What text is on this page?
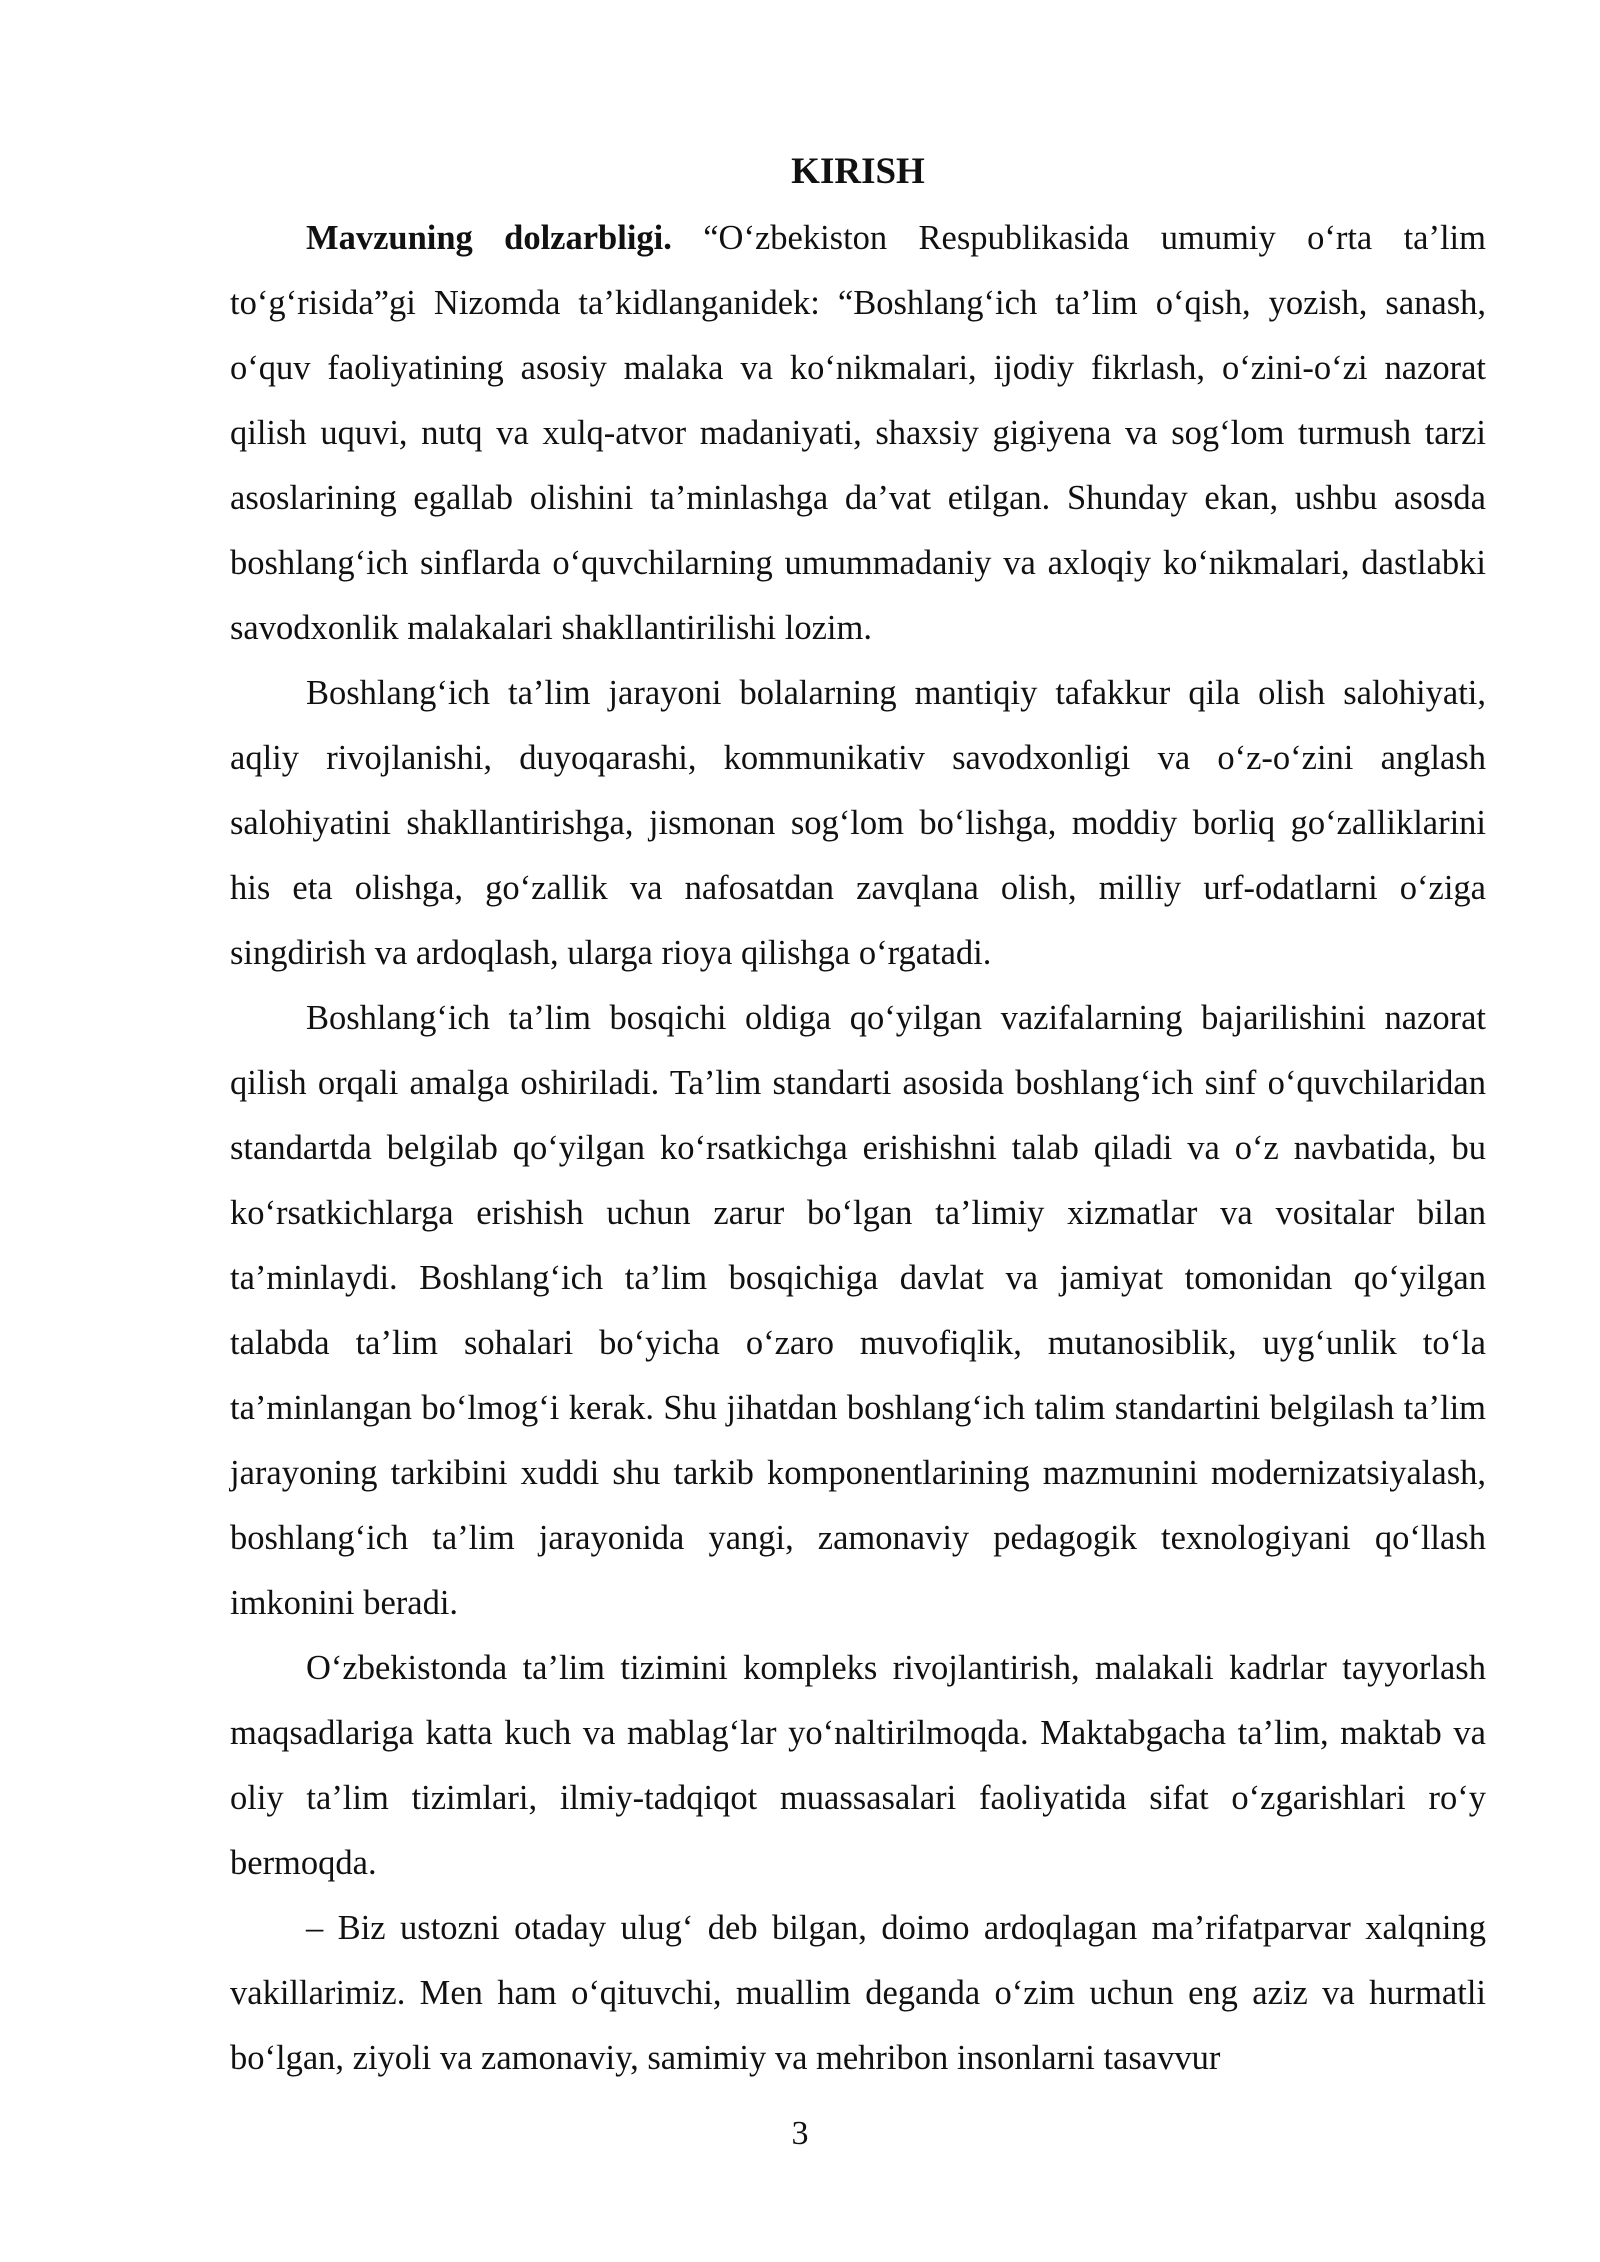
KIRISH

Mavzuning dolzarbligi. “O‘zbekiston Respublikasida umumiy o‘rta ta’lim to‘g‘risida”gi Nizomda ta’kidlanganidek: “Boshlang‘ich ta’lim o‘qish, yozish, sanash, o‘quv faoliyatining asosiy malaka va ko‘nikmalari, ijodiy fikrlash, o‘zini-o‘zi nazorat qilish uquvi, nutq va xulq-atvor madaniyati, shaxsiy gigiyena va sog‘lom turmush tarzi asoslarining egallab olishini ta’minlashga da’vat etilgan. Shunday ekan, ushbu asosda boshlang‘ich sinflarda o‘quvchilarning umummadaniy va axloqiy ko‘nikmalari, dastlabki savodxonlik malakalari shakllantirilishi lozim.

Boshlang‘ich ta’lim jarayoni bolalarning mantiqiy tafakkur qila olish salohiyati, aqliy rivojlanishi, duyoqarashi, kommunikativ savodxonligi va o‘z-o‘zini anglash salohiyatini shakllantirishga, jismonan sog‘lom bo‘lishga, moddiy borliq go‘zalliklarini his eta olishga, go‘zallik va nafosatdan zavqlana olish, milliy urf-odatlarni o‘ziga singdirish va ardoqlash, ularga rioya qilishga o‘rgatadi.

Boshlang‘ich ta’lim bosqichi oldiga qo‘yilgan vazifalarning bajarilishini nazorat qilish orqali amalga oshiriladi. Ta’lim standarti asosida boshlang‘ich sinf o‘quvchilaridan standartda belgilab qo‘yilgan ko‘rsatkichga erishishni talab qiladi va o‘z navbatida, bu ko‘rsatkichlarga erishish uchun zarur bo‘lgan ta’limiy xizmatlar va vositalar bilan ta’minlaydi. Boshlang‘ich ta’lim bosqichiga davlat va jamiyat tomonidan qo‘yilgan talabda ta’lim sohalari bo‘yicha o‘zaro muvofiqlik, mutanosiblik, uyg‘unlik to‘la ta’minlangan bo‘lmog‘i kerak. Shu jihatdan boshlang‘ich talim standartini belgilash ta’lim jarayoning tarkibini xuddi shu tarkib komponentlarining mazmunini modernizatsiyalash, boshlang‘ich ta’lim jarayonida yangi, zamonaviy pedagogik texnologiyani qo‘llash imkonini beradi.

O‘zbekistonda ta’lim tizimini kompleks rivojlantirish, malakali kadrlar tayyorlash maqsadlariga katta kuch va mablag‘lar yo‘naltirilmoqda. Maktabgacha ta’lim, maktab va oliy ta’lim tizimlari, ilmiy-tadqiqot muassasalari faoliyatida sifat o‘zgarishlari ro‘y bermoqda.

– Biz ustozni otaday ulug‘ deb bilgan, doimo ardoqlagan ma’rifatparvar xalqning vakillarimiz. Men ham o‘qituvchi, muallim deganda o‘zim uchun eng aziz va hurmatli bo‘lgan, ziyoli va zamonaviy, samimiy va mehribon insonlarni tasavvur

3
